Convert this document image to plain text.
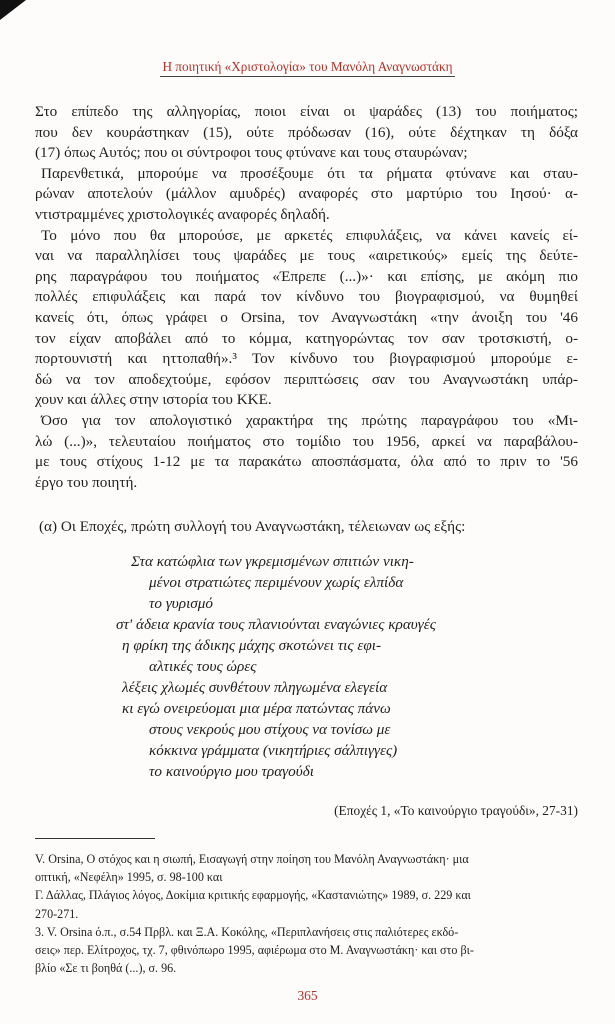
Η ποιητική «Χριστολογία» του Μανόλη Αναγνωστάκη
Στο επίπεδο της αλληγορίας, ποιοι είναι οι ψαράδες (13) του ποιήματος;
που δεν κουράστηκαν (15), ούτε πρόδωσαν (16), ούτε δέχτηκαν τη δόξα
(17) όπως Αυτός; που οι σύντροφοι τους φτύνανε και τους σταυρώναν;
Παρενθετικά, μπορούμε να προσέξουμε ότι τα ρήματα φτύνανε και σταυ-
ρώναν αποτελούν (μάλλον αμυδρές) αναφορές στο μαρτύριο του Ιησού· α-
ντιστραμμένες χριστολογικές αναφορές δηλαδή.
Το μόνο που θα μπορούσε, με αρκετές επιφυλάξεις, να κάνει κανείς εί-
ναι να παραλληλίσει τους ψαράδες με τους «αιρετικούς» εμείς της δεύτε-
ρης παραγράφου του ποιήματος «Έπρεπε (...)»· και επίσης, με ακόμη πιο
πολλές επιφυλάξεις και παρά τον κίνδυνο του βιογραφισμού, να θυμηθεί
κανείς ότι, όπως γράφει ο Orsina, τον Αναγνωστάκη «την άνοιξη του '46
τον είχαν αποβάλει από το κόμμα, κατηγορώντας τον σαν τροτσκιστή, ο-
πορτουνιστή και ηττοπαθή».³ Τον κίνδυνο του βιογραφισμού μπορούμε ε-
δώ να τον αποδεχτούμε, εφόσον περιπτώσεις σαν του Αναγνωστάκη υπάρ-
χουν και άλλες στην ιστορία του ΚΚΕ.
Όσο για τον απολογιστικό χαρακτήρα της πρώτης παραγράφου του «Μι-
λώ (...)», τελευταίου ποιήματος στο τομίδιο του 1956, αρκεί να παραβάλου-
με τους στίχους 1-12 με τα παρακάτω αποσπάσματα, όλα από το πριν το '56
έργο του ποιητή.
(α) Οι Εποχές, πρώτη συλλογή του Αναγνωστάκη, τέλειωναν ως εξής:
Στα κατώφλια των γκρεμισμένων σπιτιών νικη-
μένοι στρατιώτες περιμένουν χωρίς ελπίδα
το γυρισμό
στ' άδεια κρανία τους πλανιούνται εναγώνιες κραυγές
η φρίκη της άδικης μάχης σκοτώνει τις εφι-
αλτικές τους ώρες
λέξεις χλωμές συνθέτουν πληγωμένα ελεγεία
κι εγώ ονειρεύομαι μια μέρα πατώντας πάνω
στους νεκρούς μου στίχους να τονίσω με
κόκκινα γράμματα (νικητήριες σάλπιγγες)
το καινούργιο μου τραγούδι
(Εποχές 1, «Το καινούργιο τραγούδι», 27-31)
V. Orsina, Ο στόχος και η σιωπή, Εισαγωγή στην ποίηση του Μανόλη Αναγνωστάκη· μια
οπτική, «Νεφέλη» 1995, σ. 98-100 και
Γ. Δάλλας, Πλάγιος λόγος, Δοκίμια κριτικής εφαρμογής, «Καστανιώτης» 1989, σ. 229 και
270-271.
3. V. Orsina ό.π., σ.54 Πρβλ. και Ξ.Α. Κοκόλης, «Περιπλανήσεις στις παλιότερες εκδό-
σεις» περ. Ελίτροχος, τχ. 7, φθινόπωρο 1995, αφιέρωμα στο Μ. Αναγνωστάκη· και στο βι-
βλίο «Σε τι βοηθά (...), σ. 96.
365
